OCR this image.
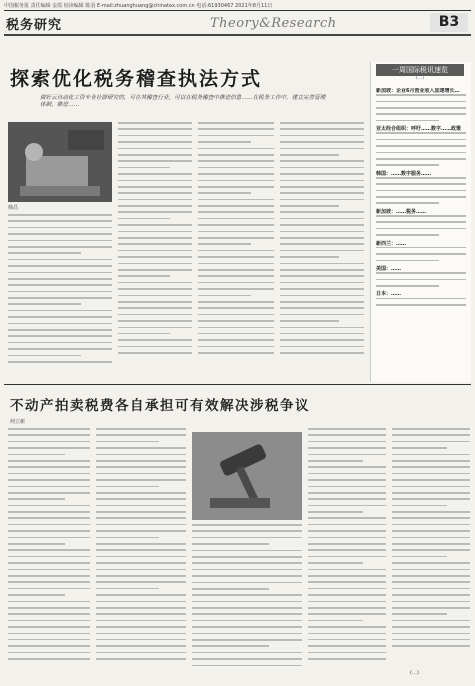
中国税务报 责任编辑 金霞 校读编辑 陈羽 E-mail:zhuanghuang@chinatax.com.cn 电话:61930467 2021年8月11日
税务研究	Theory&Research	B3
探索优化税务稽查执法方式
做好云自动化工资专业社群研究的，可在其稽查行业，可以在税务稽查中推进信息……在税务工作中，建立完善管理体制，推进……
韩昌
一周国际税讯速览
(…)
新加坡：企业6月营业收入加速增长…
亚太经合组织：呼吁……数字……政策
韩国：……数字服务……
新加坡：……税务……
新西兰：……
美国：……
日本：……
不动产拍卖税费各自承担可有效解决涉税争议
何立新
(…)
